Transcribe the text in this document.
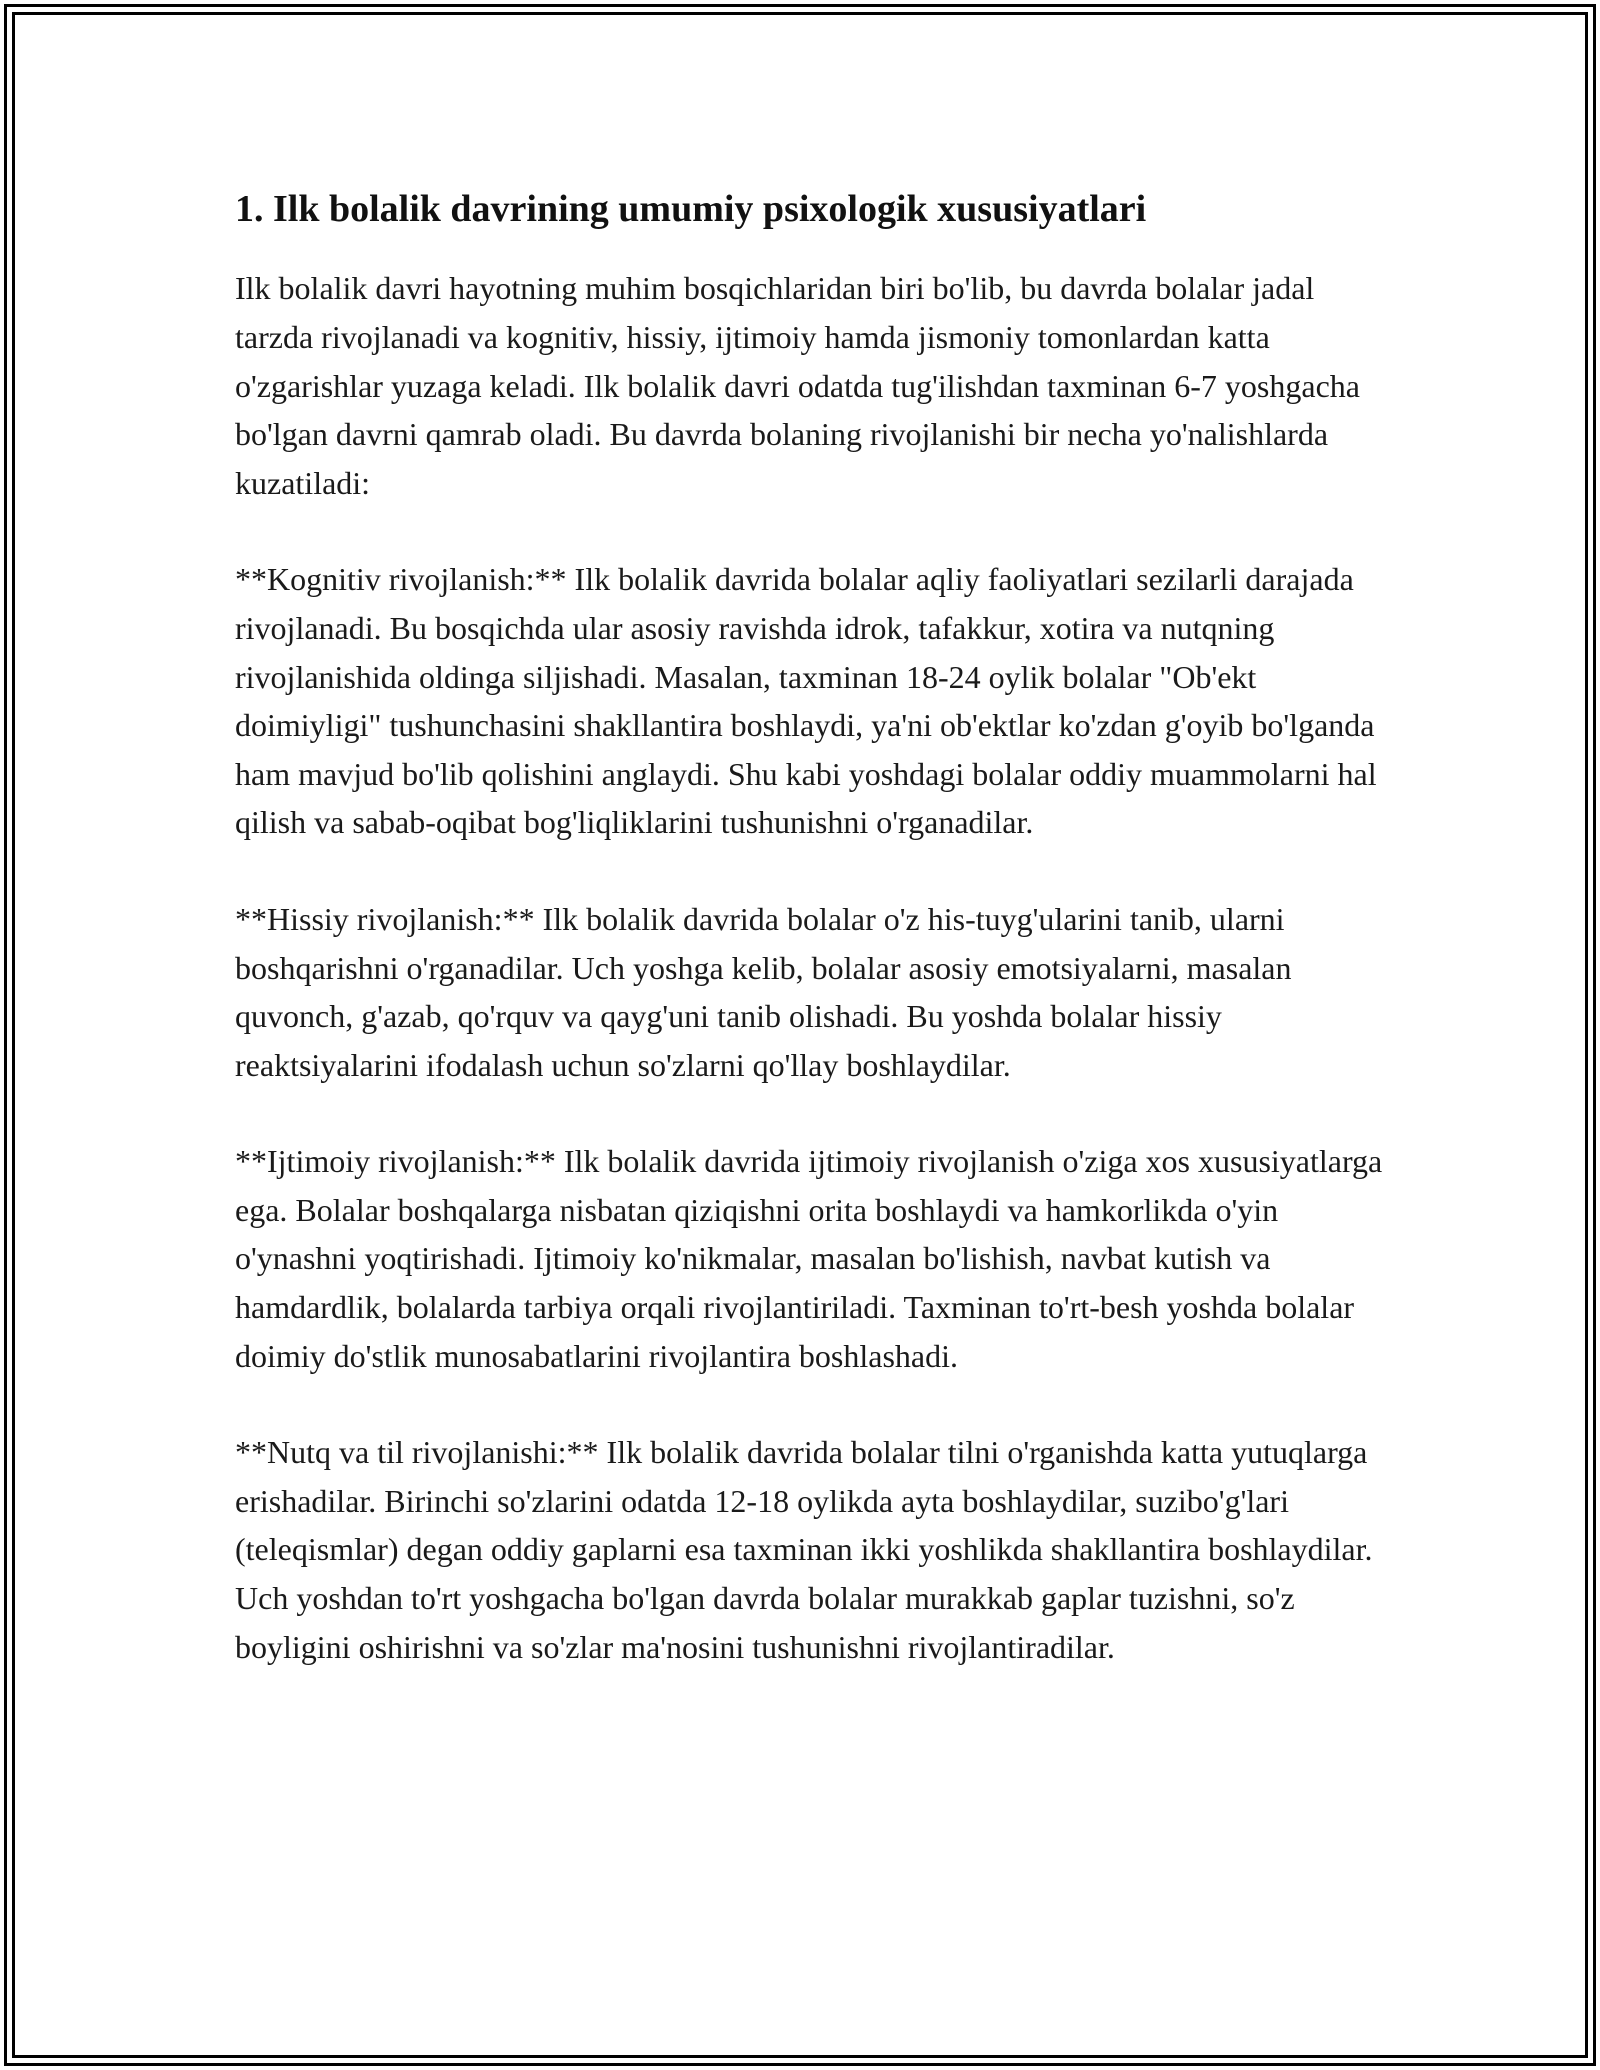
1. Ilk bolalik davrining umumiy psixologik xususiyatlari

Ilk bolalik davri hayotning muhim bosqichlaridan biri bo'lib, bu davrda bolalar jadal tarzda rivojlanadi va kognitiv, hissiy, ijtimoiy hamda jismoniy tomonlardan katta o'zgarishlar yuzaga keladi. Ilk bolalik davri odatda tug'ilishdan taxminan 6-7 yoshgacha bo'lgan davrni qamrab oladi. Bu davrda bolaning rivojlanishi bir necha yo'nalishlarda kuzatiladi:

**Kognitiv rivojlanish:** Ilk bolalik davrida bolalar aqliy faoliyatlari sezilarli darajada rivojlanadi. Bu bosqichda ular asosiy ravishda idrok, tafakkur, xotira va nutqning rivojlanishida oldinga siljishadi. Masalan, taxminan 18-24 oylik bolalar "Ob'ekt doimiyligi" tushunchasini shakllantira boshlaydi, ya'ni ob'ektlar ko'zdan g'oyib bo'lganda ham mavjud bo'lib qolishini anglaydi. Shu kabi yoshdagi bolalar oddiy muammolarni hal qilish va sabab-oqibat bog'liqliklarini tushunishni o'rganadilar.

**Hissiy rivojlanish:** Ilk bolalik davrida bolalar o'z his-tuyg'ularini tanib, ularni boshqarishni o'rganadilar. Uch yoshga kelib, bolalar asosiy emotsiyalarni, masalan quvonch, g'azab, qo'rquv va qayg'uni tanib olishadi. Bu yoshda bolalar hissiy reaktsiyalarini ifodalash uchun so'zlarni qo'llay boshlaydilar.

**Ijtimoiy rivojlanish:** Ilk bolalik davrida ijtimoiy rivojlanish o'ziga xos xususiyatlarga ega. Bolalar boshqalarga nisbatan qiziqishni orita boshlaydi va hamkorlikda o'yin o'ynashni yoqtirishadi. Ijtimoiy ko'nikmalar, masalan bo'lishish, navbat kutish va hamdardlik, bolalarda tarbiya orqali rivojlantiriladi. Taxminan to'rt-besh yoshda bolalar doimiy do'stlik munosabatlarini rivojlantira boshlashadi.

**Nutq va til rivojlanishi:** Ilk bolalik davrida bolalar tilni o'rganishda katta yutuqlarga erishadilar. Birinchi so'zlarini odatda 12-18 oylikda ayta boshlaydilar, suzibo'g'lari (teleqismlar) degan oddiy gaplarni esa taxminan ikki yoshlikda shakllantira boshlaydilar. Uch yoshdan to'rt yoshgacha bo'lgan davrda bolalar murakkab gaplar tuzishni, so'z boyligini oshirishni va so'zlar ma'nosini tushunishni rivojlantiradilar.
